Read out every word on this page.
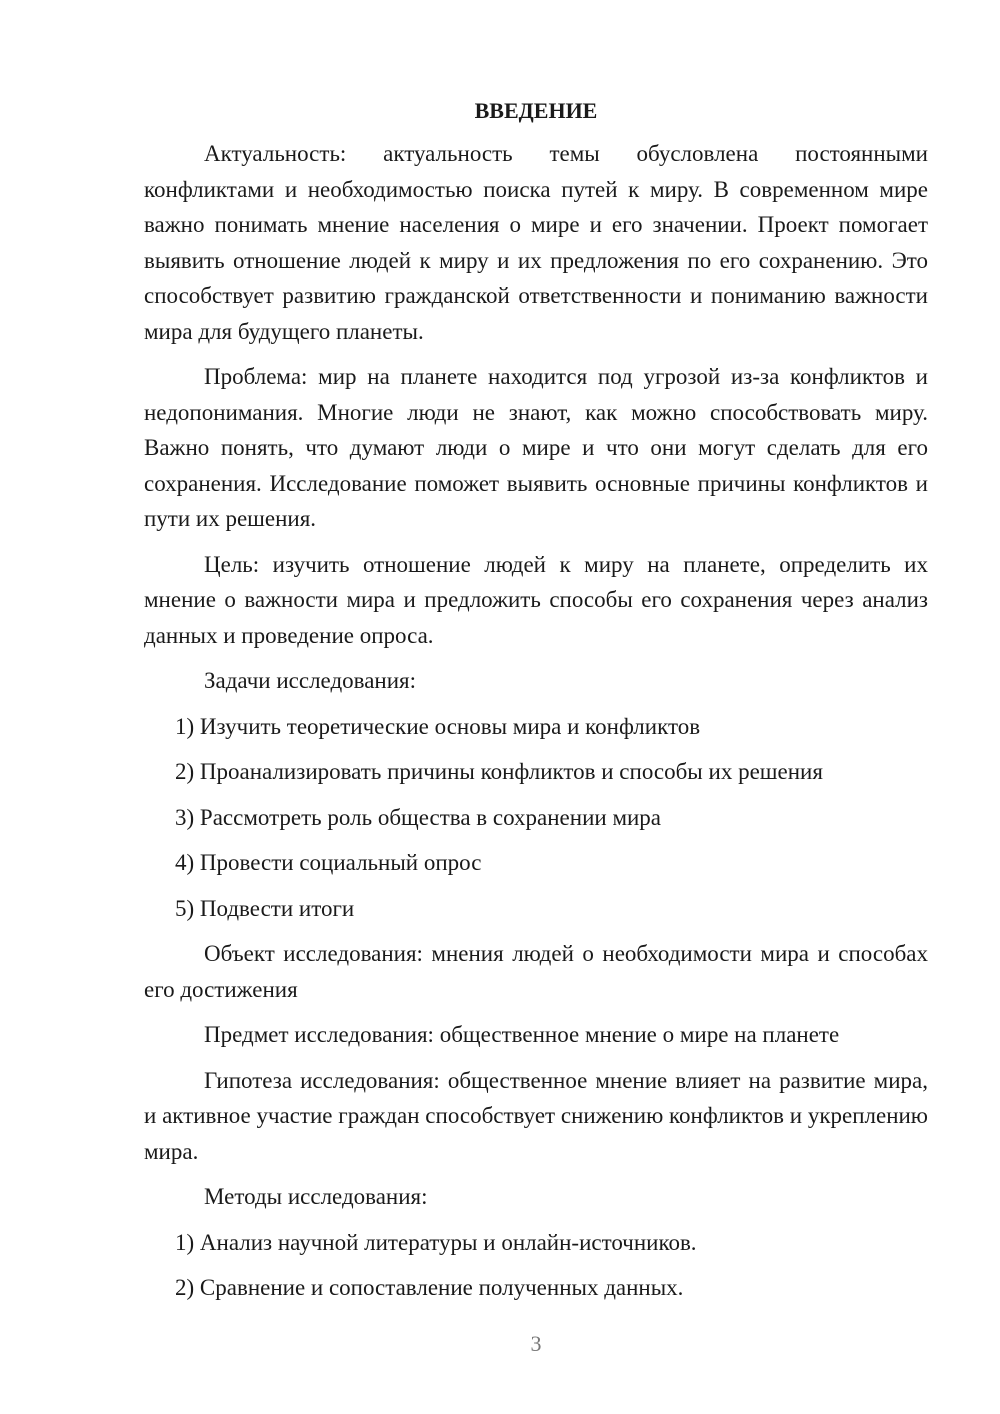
ВВЕДЕНИЕ

Актуальность: актуальность темы обусловлена постоянными конфликтами и необходимостью поиска путей к миру. В современном мире важно понимать мнение населения о мире и его значении. Проект помогает выявить отношение людей к миру и их предложения по его сохранению. Это способствует развитию гражданской ответственности и пониманию важности мира для будущего планеты.

Проблема: мир на планете находится под угрозой из-за конфликтов и недопонимания. Многие люди не знают, как можно способствовать миру. Важно понять, что думают люди о мире и что они могут сделать для его сохранения. Исследование поможет выявить основные причины конфликтов и пути их решения.

Цель: изучить отношение людей к миру на планете, определить их мнение о важности мира и предложить способы его сохранения через анализ данных и проведение опроса.

Задачи исследования:

1) Изучить теоретические основы мира и конфликтов
2) Проанализировать причины конфликтов и способы их решения
3) Рассмотреть роль общества в сохранении мира
4) Провести социальный опрос
5) Подвести итоги

Объект исследования: мнения людей о необходимости мира и способах его достижения

Предмет исследования: общественное мнение о мире на планете

Гипотеза исследования: общественное мнение влияет на развитие мира, и активное участие граждан способствует снижению конфликтов и укреплению мира.

Методы исследования:

1) Анализ научной литературы и онлайн-источников.
2) Сравнение и сопоставление полученных данных.
3
